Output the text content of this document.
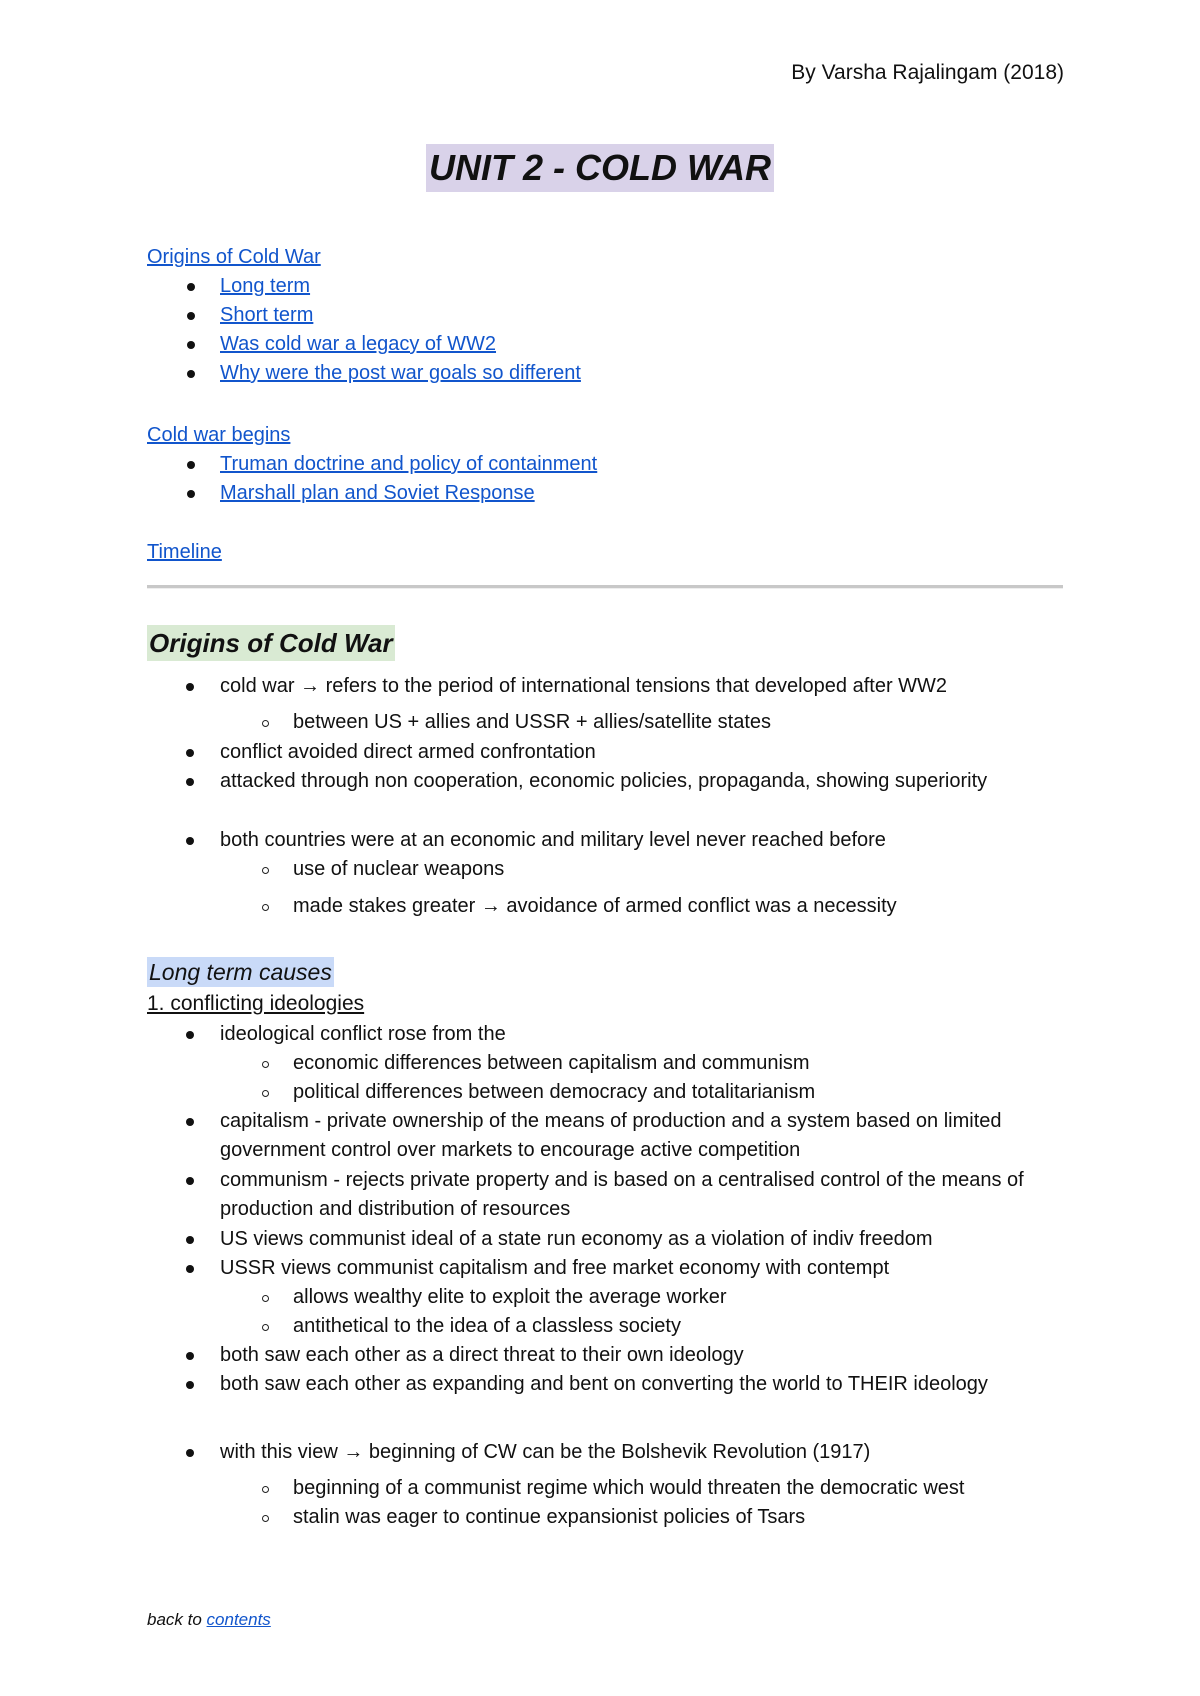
By Varsha Rajalingam (2018)
UNIT 2 - COLD WAR
Origins of Cold War
Long term
Short term
Was cold war a legacy of WW2
Why were the post war goals so different
Cold war begins
Truman doctrine and policy of containment
Marshall plan and Soviet Response
Timeline
Origins of Cold War
cold war → refers to the period of international tensions that developed after WW2
between US + allies and USSR + allies/satellite states
conflict avoided direct armed confrontation
attacked through non cooperation, economic policies, propaganda, showing superiority
both countries were at an economic and military level never reached before
use of nuclear weapons
made stakes greater → avoidance of armed conflict was a necessity
Long term causes
1. conflicting ideologies
ideological conflict rose from the
economic differences between capitalism and communism
political differences between democracy and totalitarianism
capitalism - private ownership of the means of production and a system based on limited government control over markets to encourage active competition
communism - rejects private property and is based on a centralised control of the means of production and distribution of resources
US views communist ideal of a state run economy as a violation of indiv freedom
USSR views communist capitalism and free market economy with contempt
allows wealthy elite to exploit the average worker
antithetical to the idea of a classless society
both saw each other as a direct threat to their own ideology
both saw each other as expanding and bent on converting the world to THEIR ideology
with this view → beginning of CW can be the Bolshevik Revolution (1917)
beginning of a communist regime which would threaten the democratic west
stalin was eager to continue expansionist policies of Tsars
back to contents
